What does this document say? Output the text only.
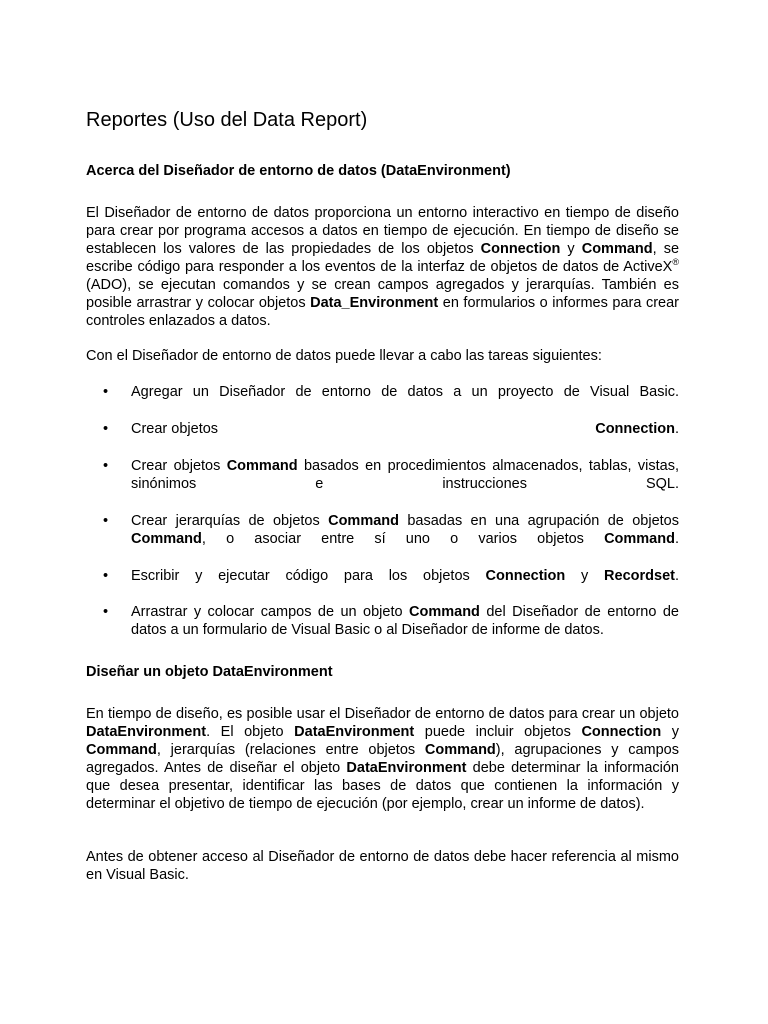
Reportes (Uso del Data Report)
Acerca del Diseñador de entorno de datos (DataEnvironment)

El Diseñador de entorno de datos proporciona un entorno interactivo en tiempo de diseño para crear por programa accesos a datos en tiempo de ejecución. En tiempo de diseño se establecen los valores de las propiedades de los objetos Connection y Command, se escribe código para responder a los eventos de la interfaz de objetos de datos de ActiveX® (ADO), se ejecutan comandos y se crean campos agregados y jerarquías. También es posible arrastrar y colocar objetos Data_Environment en formularios o informes para crear controles enlazados a datos.

Con el Diseñador de entorno de datos puede llevar a cabo las tareas siguientes:

•	Agregar un Diseñador de entorno de datos a un proyecto de Visual Basic.

•	Crear objetos	Connection.

•	Crear objetos Command basados en procedimientos almacenados, tablas, vistas, sinónimos e instrucciones SQL.

•	Crear jerarquías de objetos Command basadas en una agrupación de objetos Command, o asociar entre sí uno o varios objetos Command.

•	Escribir y ejecutar código para los objetos Connection y Recordset.

•	Arrastrar y colocar campos de un objeto Command del Diseñador de entorno de datos a un formulario de Visual Basic o al Diseñador de informe de datos.

Diseñar un objeto DataEnvironment

En tiempo de diseño, es posible usar el Diseñador de entorno de datos para crear un objeto DataEnvironment. El objeto DataEnvironment puede incluir objetos Connection y Command, jerarquías (relaciones entre objetos Command), agrupaciones y campos agregados. Antes de diseñar el objeto DataEnvironment debe determinar la información que desea presentar, identificar las bases de datos que contienen la información y determinar el objetivo de tiempo de ejecución (por ejemplo, crear un informe de datos).

Antes de obtener acceso al Diseñador de entorno de datos debe hacer referencia al mismo en Visual Basic.
